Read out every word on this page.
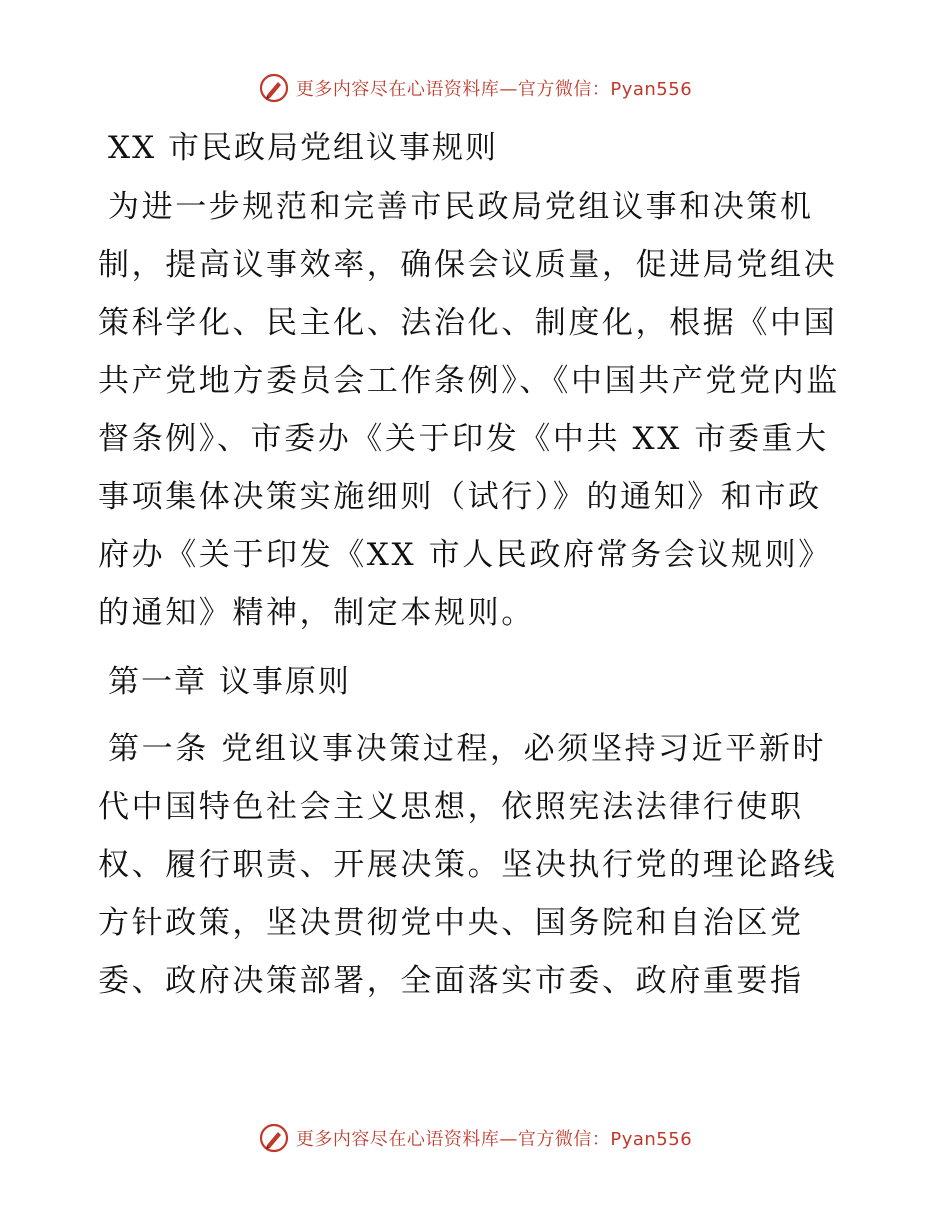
更多内容尽在心语资料库—官方微信：Pyan556
XX 市民政局党组议事规则

为进一步规范和完善市民政局党组议事和决策机制，提高议事效率，确保会议质量，促进局党组决策科学化、民主化、法治化、制度化，根据《中国共产党地方委员会工作条例》、《中国共产党党内监督条例》、市委办《关于印发《中共 XX 市委重大事项集体决策实施细则（试行）》的通知》和市政府办《关于印发《XX 市人民政府常务会议规则》的通知》精神，制定本规则。

第一章 议事原则

第一条 党组议事决策过程，必须坚持习近平新时代中国特色社会主义思想，依照宪法法律行使职权、履行职责、开展决策。坚决执行党的理论路线方针政策，坚决贯彻党中央、国务院和自治区党委、政府决策部署，全面落实市委、政府重要指

更多内容尽在心语资料库—官方微信：Pyan556
